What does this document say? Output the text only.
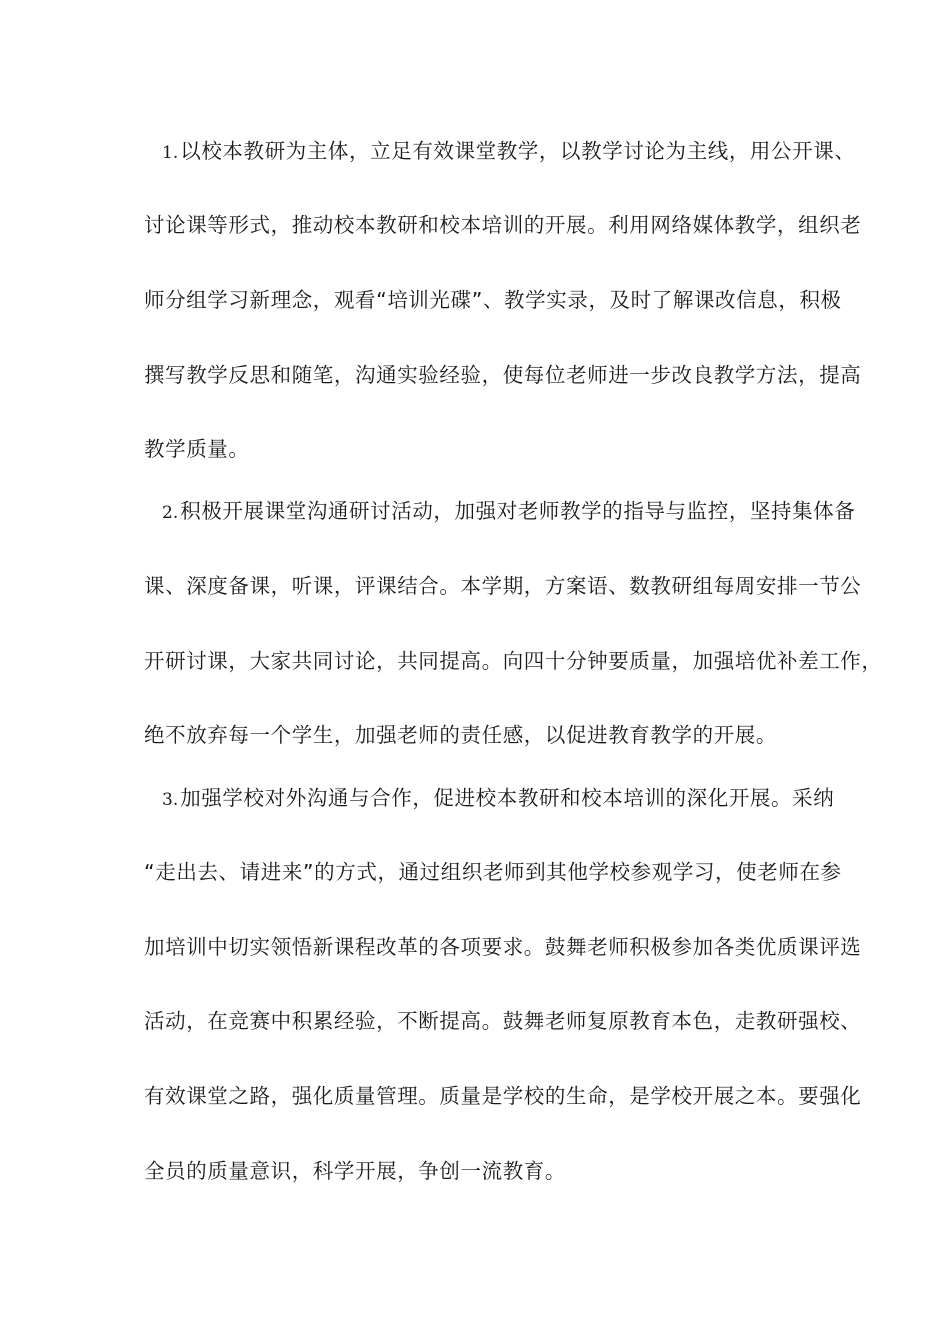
1.以校本教研为主体，立足有效课堂教学，以教学讨论为主线，用公开课、
讨论课等形式，推动校本教研和校本培训的开展。利用网络媒体教学，组织老
师分组学习新理念，观看“培训光碟”、教学实录，及时了解课改信息，积极
撰写教学反思和随笔，沟通实验经验，使每位老师进一步改良教学方法，提高
教学质量。
2.积极开展课堂沟通研讨活动，加强对老师教学的指导与监控，坚持集体备
课、深度备课，听课，评课结合。本学期，方案语、数教研组每周安排一节公
开研讨课，大家共同讨论，共同提高。向四十分钟要质量，加强培优补差工作，
绝不放弃每一个学生，加强老师的责任感，以促进教育教学的开展。
3.加强学校对外沟通与合作，促进校本教研和校本培训的深化开展。采纳
“走出去、请进来”的方式，通过组织老师到其他学校参观学习，使老师在参
加培训中切实领悟新课程改革的各项要求。鼓舞老师积极参加各类优质课评选
活动，在竞赛中积累经验，不断提高。鼓舞老师复原教育本色，走教研强校、
有效课堂之路，强化质量管理。质量是学校的生命，是学校开展之本。要强化
全员的质量意识，科学开展，争创一流教育。
